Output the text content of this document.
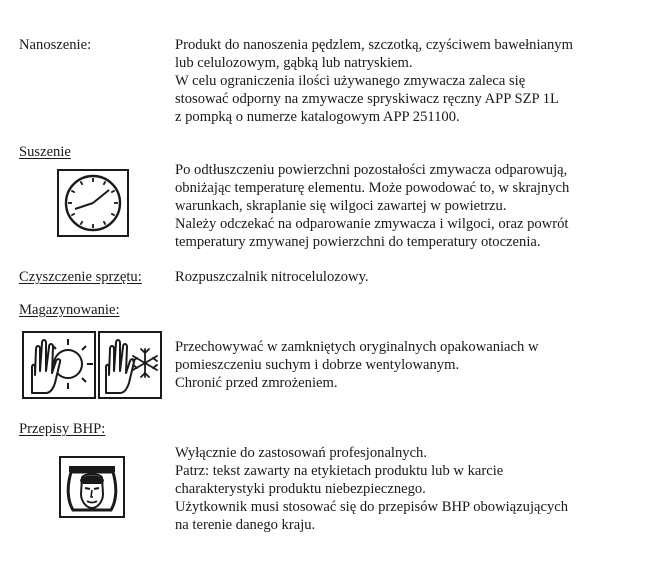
Nanoszenie:	Produkt do nanoszenia pędzlem, szczotką, czyściwem bawełnianym
lub celulozowym, gąbką lub natryskiem.
W celu ograniczenia ilości używanego zmywacza zaleca się
stosować odporny na zmywacze spryskiwacz ręczny APP SZP 1L
z pompką o numerze katalogowym APP 251100.
Suszenie
Po odtłuszczeniu powierzchni pozostałości zmywacza odparowują,
obniżając temperaturę elementu. Może powodować to, w skrajnych
warunkach, skraplanie się wilgoci zawartej w powietrzu.
Należy odczekać na odparowanie zmywacza i wilgoci, oraz powrót
temperatury zmywanej powierzchni do temperatury otoczenia.
Czyszczenie sprzętu: Rozpuszczalnik nitrocelulozowy.
Magazynowanie:
Przechowywać w zamkniętych oryginalnych opakowaniach w
pomieszczeniu suchym i dobrze wentylowanym.
Chronić przed zmrożeniem.
Przepisy BHP:
Wyłącznie do zastosowań profesjonalnych.
Patrz: tekst zawarty na etykietach produktu lub w karcie
charakterystyki produktu niebezpiecznego.
Użytkownik musi stosować się do przepisów BHP obowiązujących
na terenie danego kraju.
